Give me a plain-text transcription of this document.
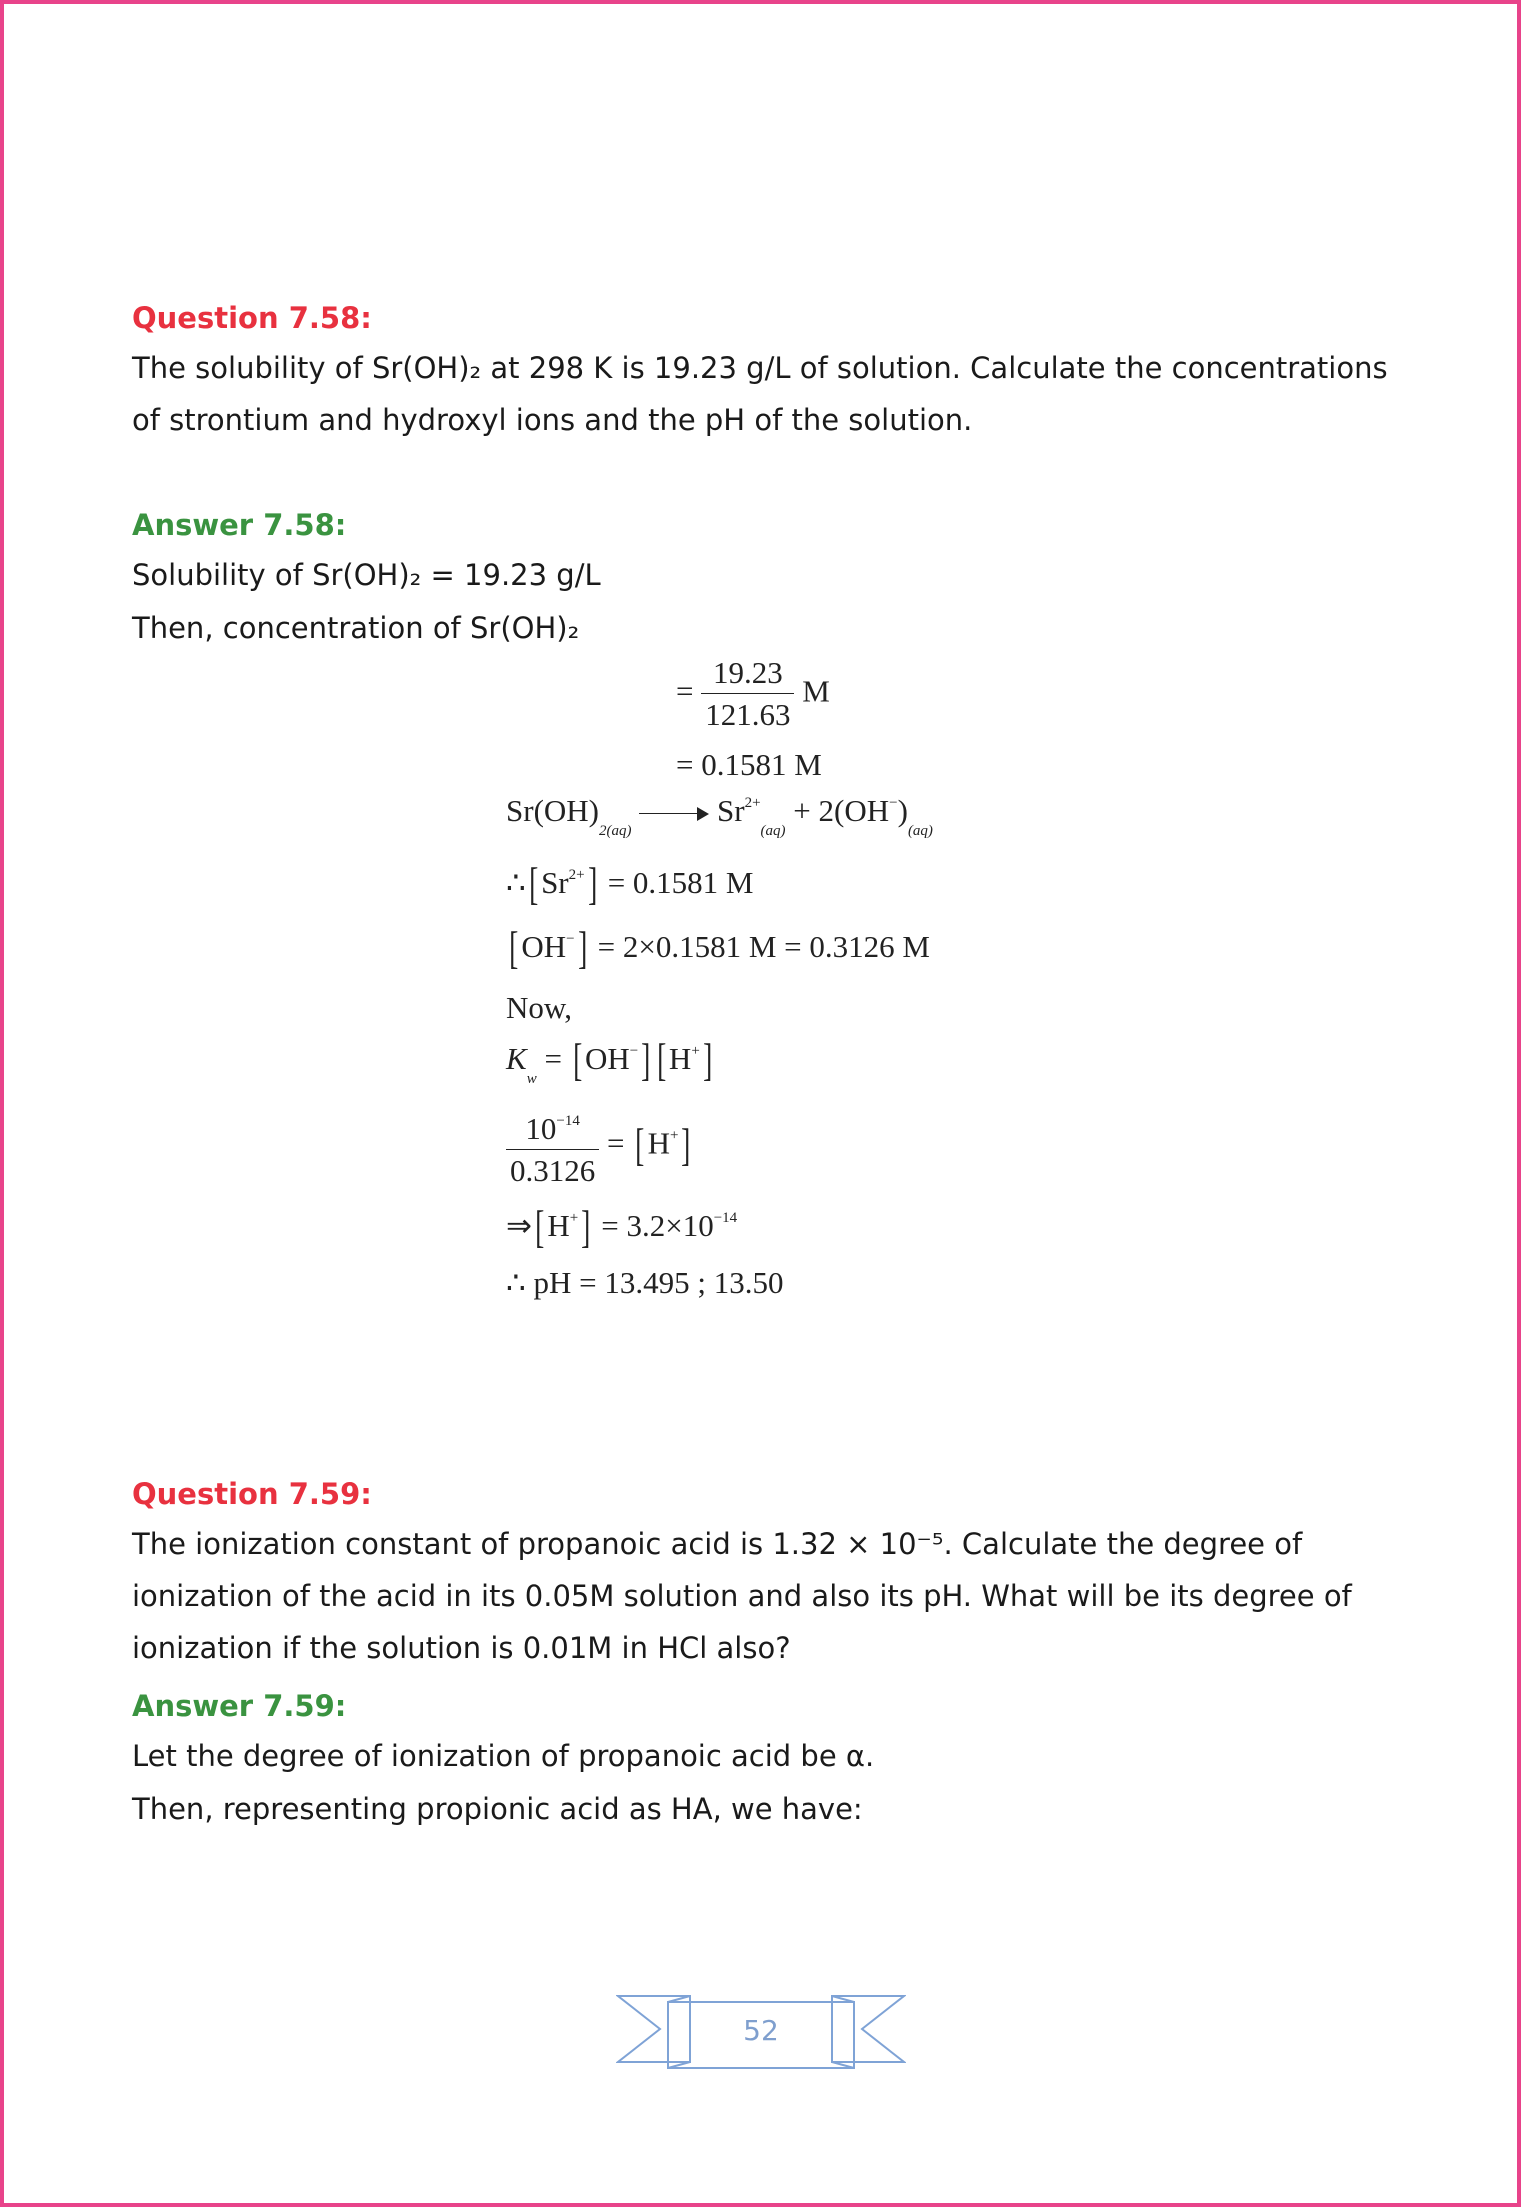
Question 7.58:

The solubility of Sr(OH)₂ at 298 K is 19.23 g/L of solution. Calculate the concentrations of strontium and hydroxyl ions and the pH of the solution.

Answer 7.58:

Solubility of Sr(OH)₂ = 19.23 g/L

Then, concentration of Sr(OH)₂

= $\frac{19.23}{121.63}$ M
= 0.1581 M
$Sr(OH)_{2(aq)}$  $Sr^{2+}_{(aq)} + 2(OH^-)_{(aq)}$
$\therefore[Sr^{2+}] = 0.1581$ M
[OH−] = 2×0.1581 M = 0.3126 M
Now,
$K_w = [OH^-]$ [H+]
$\frac{10^{-14}}{0.3126} = [H^+]$
⇒[H+] = $3.2\times 10^{-14}$
∴ pH = 13.495 ; 13.50

Question 7.59:

The ionization constant of propanoic acid is 1.32 × 10⁻⁵. Calculate the degree of ionization of the acid in its 0.05M solution and also its pH. What will be its degree of ionization if the solution is 0.01M in HCl also?

Answer 7.59:

Let the degree of ionization of propanoic acid be α.

Then, representing propionic acid as HA, we have:

52
